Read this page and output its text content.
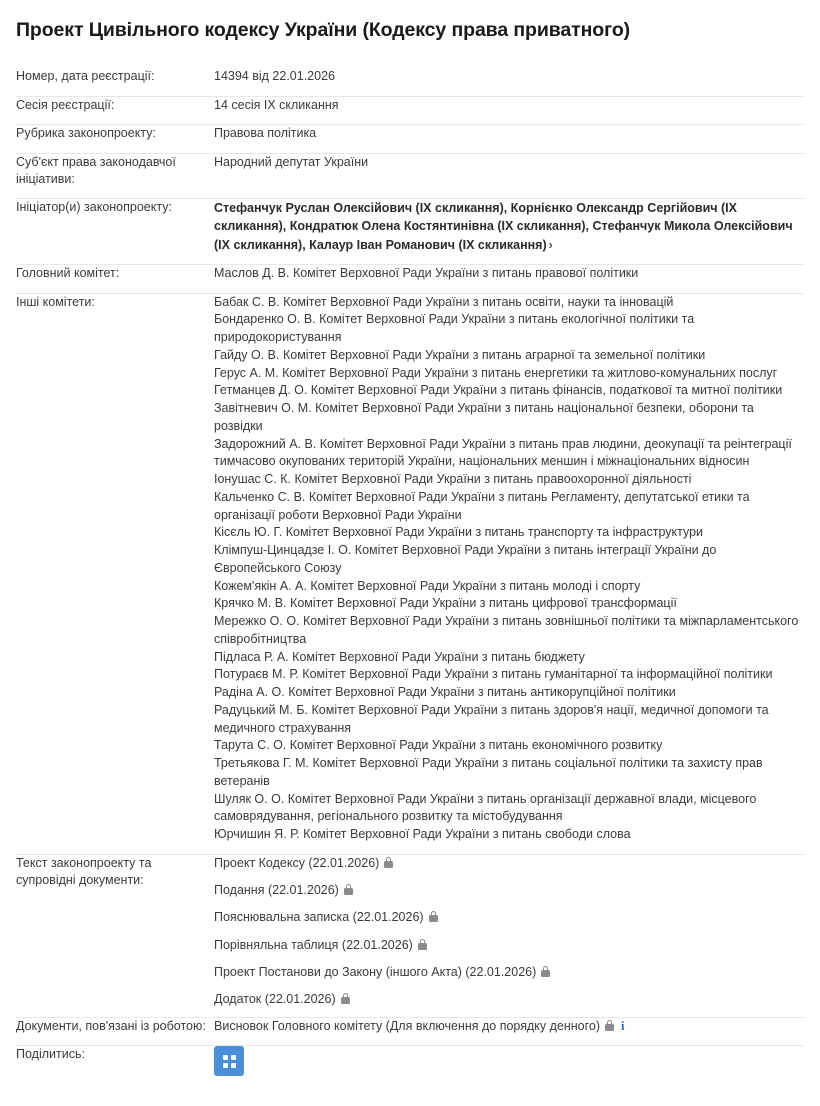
Проект Цивільного кодексу України (Кодексу права приватного)
Номер, дата реєстрації:	14394 від 22.01.2026
Сесія реєстрації:	14 сесія IX скликання
Рубрика законопроекту:	Правова політика
Суб'єкт права законодавчої ініціативи:	Народний депутат України
Ініціатор(и) законопроекту:	Стефанчук Руслан Олексійович (IX скликання), Корнієнко Олександр Сергійович (IX скликання), Кондратюк Олена Костянтинівна (IX скликання), Стефанчук Микола Олексійович (IX скликання), Калаур Іван Романович (IX скликання) ›
Головний комітет:	Маслов Д. В. Комітет Верховної Ради України з питань правової політики
Інші комітети:	Бабак С. В. Комітет Верховної Ради України з питань освіти, науки та інновацій
Бондаренко О. В. Комітет Верховної Ради України з питань екологічної політики та природокористування
Гайду О. В. Комітет Верховної Ради України з питань аграрної та земельної політики
Герус А. М. Комітет Верховної Ради України з питань енергетики та житлово-комунальних послуг
Гетманцев Д. О. Комітет Верховної Ради України з питань фінансів, податкової та митної політики
Завітневич О. М. Комітет Верховної Ради України з питань національної безпеки, оборони та розвідки
Задорожний А. В. Комітет Верховної Ради України з питань прав людини, деокупації та реінтеграції тимчасово окупованих територій України, національних меншин і міжнаціональних відносин
Іонушас С. К. Комітет Верховної Ради України з питань правоохоронної діяльності
Кальченко С. В. Комітет Верховної Ради України з питань Регламенту, депутатської етики та організації роботи Верховної Ради України
Кісєль Ю. Г. Комітет Верховної Ради України з питань транспорту та інфраструктури
Клімпуш-Цинцадзе І. О. Комітет Верховної Ради України з питань інтеграції України до Європейського Союзу
Кожем'якін А. А. Комітет Верховної Ради України з питань молоді і спорту
Крячко М. В. Комітет Верховної Ради України з питань цифрової трансформації
Мережко О. О. Комітет Верховної Ради України з питань зовнішньої політики та міжпарламентського співробітництва
Підласа Р. А. Комітет Верховної Ради України з питань бюджету
Потураєв М. Р. Комітет Верховної Ради України з питань гуманітарної та інформаційної політики
Радіна А. О. Комітет Верховної Ради України з питань антикорупційної політики
Радуцький М. Б. Комітет Верховної Ради України з питань здоров'я нації, медичної допомоги та медичного страхування
Тарута С. О. Комітет Верховної Ради України з питань економічного розвитку
Третьякова Г. М. Комітет Верховної Ради України з питань соціальної політики та захисту прав ветеранів
Шуляк О. О. Комітет Верховної Ради України з питань організації державної влади, місцевого самоврядування, регіонального розвитку та містобудування
Юрчишин Я. Р. Комітет Верховної Ради України з питань свободи слова

Текст законопроекту та супровідні документи:	
Проект Кодексу (22.01.2026)
Подання (22.01.2026)
Пояснювальна записка (22.01.2026)
Порівняльна таблиця (22.01.2026)
Проект Постанови до Закону (іншого Акта) (22.01.2026)
Додаток (22.01.2026)

Документи, пов'язані із роботою:	Висновок Головного комітету (Для включення до порядку денного) i

Поділитись:	
